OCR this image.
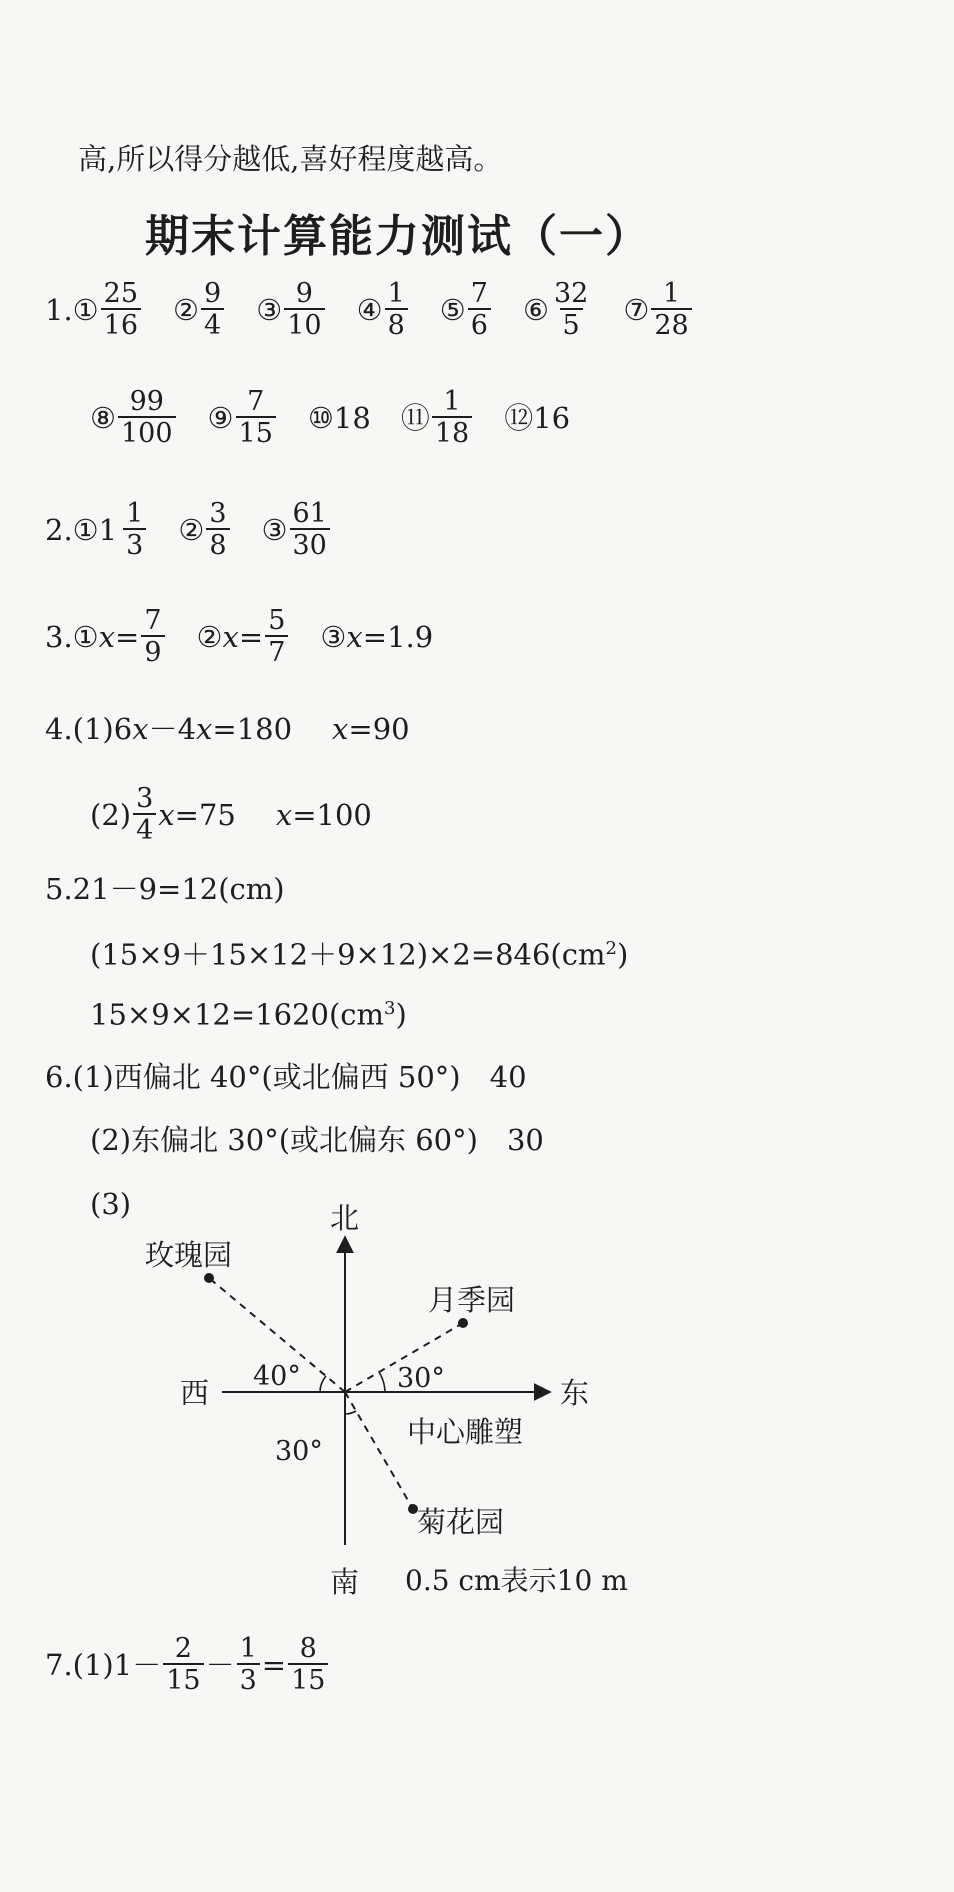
高,所以得分越低,喜好程度越高。
期末计算能力测试（一）
1. ① $\frac{25}{16}$ ② $\frac{9}{4}$ ③ $\frac{9}{10}$ ④ $\frac{1}{8}$ ⑤ $\frac{7}{6}$ ⑥ $\frac{32}{5}$ ⑦ $\frac{1}{28}$
⑧ $\frac{99}{100}$ ⑨ $\frac{7}{15}$ ⑩ 18 ⑪ $\frac{1}{18}$ ⑫ 16
2. ① $1 \frac{1}{3}$ ② $\frac{3}{8}$ ③ $\frac{61}{30}$
3. ① $x = \frac{7}{9}$ ② $x = \frac{5}{7}$ ③ x = 1.9
4.(1)6x－4x=180 x=90
$(2) \frac{3}{4}$ x =75 x =100
5.21－9=12(cm)
$(15\times 9+15\times 12+9\times 12)\times 2=846(cm^2)$
$15\times 9\times 12=1620(cm^3)$
6.(1)西偏北 40°(或北偏西 50°)　40
(2)东偏北 30°(或北偏东 60°)　30
(3)	北
南
西	东
玫瑰园
月季园
中心雕塑
菊花园
40°	30°
30°
0.5 cm表示10 m
7. $(1)1 - \frac{2}{15} - \frac{1}{3} = \frac{8}{15}$
